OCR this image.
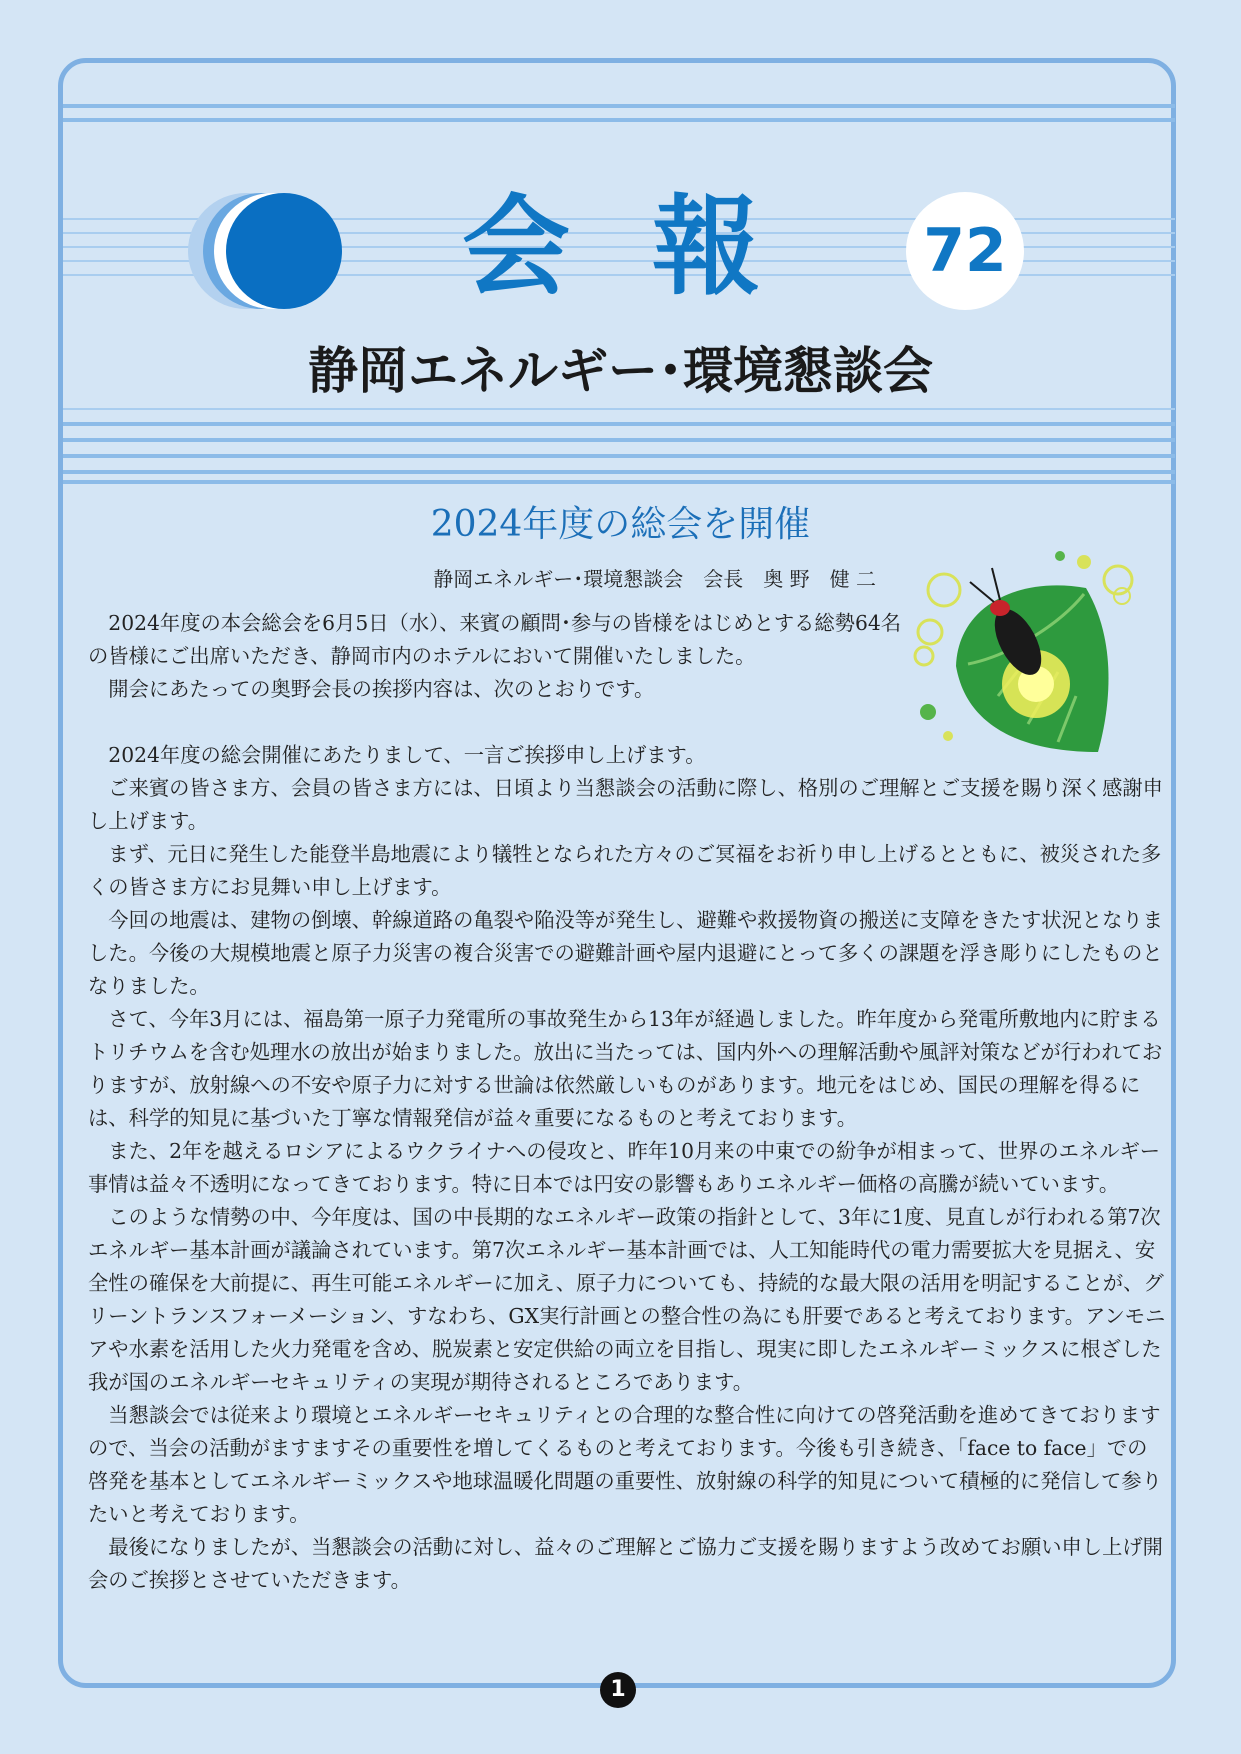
会報 72
静岡エネルギー･環境懇談会
2024年度の総会を開催
静岡エネルギー･環境懇談会　会長　奥 野　健 二

2024年度の本会総会を6月5日（水）、来賓の顧問･参与の皆様をはじめとする総勢64名の皆様にご出席いただき、静岡市内のホテルにおいて開催いたしました。

開会にあたっての奥野会長の挨拶内容は、次のとおりです。

2024年度の総会開催にあたりまして、一言ご挨拶申し上げます。

ご来賓の皆さま方、会員の皆さま方には、日頃より当懇談会の活動に際し、格別のご理解とご支援を賜り深く感謝申し上げます。

まず、元日に発生した能登半島地震により犠牲となられた方々のご冥福をお祈り申し上げるとともに、被災された多くの皆さま方にお見舞い申し上げます。

今回の地震は、建物の倒壊、幹線道路の亀裂や陥没等が発生し、避難や救援物資の搬送に支障をきたす状況となりました。今後の大規模地震と原子力災害の複合災害での避難計画や屋内退避にとって多くの課題を浮き彫りにしたものとなりました。

さて、今年3月には、福島第一原子力発電所の事故発生から13年が経過しました。昨年度から発電所敷地内に貯まるトリチウムを含む処理水の放出が始まりました。放出に当たっては、国内外への理解活動や風評対策などが行われておりますが、放射線への不安や原子力に対する世論は依然厳しいものがあります。地元をはじめ、国民の理解を得るには、科学的知見に基づいた丁寧な情報発信が益々重要になるものと考えております。

また、2年を越えるロシアによるウクライナへの侵攻と、昨年10月来の中東での紛争が相まって、世界のエネルギー事情は益々不透明になってきております。特に日本では円安の影響もありエネルギー価格の高騰が続いています。

このような情勢の中、今年度は、国の中長期的なエネルギー政策の指針として、3年に1度、見直しが行われる第7次エネルギー基本計画が議論されています。第7次エネルギー基本計画では、人工知能時代の電力需要拡大を見据え、安全性の確保を大前提に、再生可能エネルギーに加え、原子力についても、持続的な最大限の活用を明記することが、グリーントランスフォーメーション、すなわち、GX実行計画との整合性の為にも肝要であると考えております。アンモニアや水素を活用した火力発電を含め、脱炭素と安定供給の両立を目指し、現実に即したエネルギーミックスに根ざした我が国のエネルギーセキュリティの実現が期待されるところであります。

当懇談会では従来より環境とエネルギーセキュリティとの合理的な整合性に向けての啓発活動を進めてきておりますので、当会の活動がますますその重要性を増してくるものと考えております。今後も引き続き、「face to face」での啓発を基本としてエネルギーミックスや地球温暖化問題の重要性、放射線の科学的知見について積極的に発信して参りたいと考えております。

最後になりましたが、当懇談会の活動に対し、益々のご理解とご協力ご支援を賜りますよう改めてお願い申し上げ開会のご挨拶とさせていただきます。

1
